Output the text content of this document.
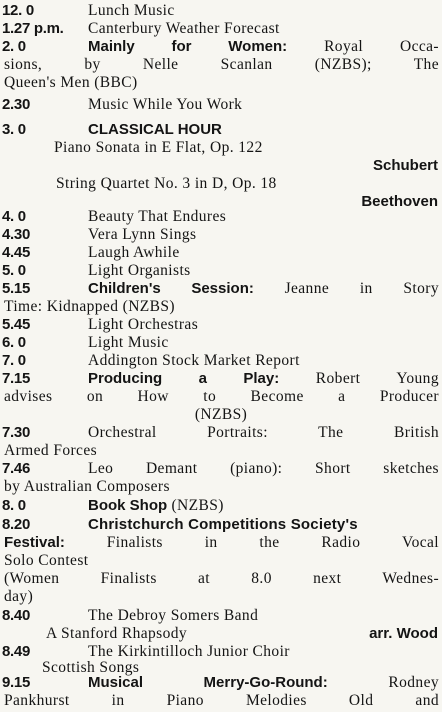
12. 0	Lunch Music
1.27 p.m. Canterbury Weather Forecast
2. 0	Mainly for Women: Royal Occa-
sions, by Nelle Scanlan (NZBS); The
Queen's Men (BBC)
2.30	Music While You Work
3. 0	CLASSICAL HOUR
Piano Sonata in E Flat, Op. 122
Schubert
String Quartet No. 3 in D, Op. 18
Beethoven
4. 0	Beauty That Endures
4.30	Vera Lynn Sings
4.45	Laugh Awhile
5. 0	Light Organists
5.15	Children's Session: Jeanne in Story
Time: Kidnapped (NZBS)
5.45	Light Orchestras
6. 0	Light Music
7. 0	Addington Stock Market Report
7.15	Producing a Play: Robert Young
advises on How to Become a Producer
(NZBS)
7.30	Orchestral Portraits: The British
Armed Forces
7.46	Leo Demant (piano): Short sketches
by Australian Composers
8. 0	Book Shop (NZBS)
8.20	Christchurch Competitions Society's
Festival:	Finalists in the Radio Vocal
Solo Contest
(Women Finalists at 8.0 next Wednes-
day)
8.40	The Debroy Somers Band
A Stanford Rhapsody	arr. Wood
8.49	The Kirkintilloch Junior Choir
Scottish Songs
9.15	Musical Merry-Go-Round:	Rodney
Pankhurst in Piano Melodies Old and
